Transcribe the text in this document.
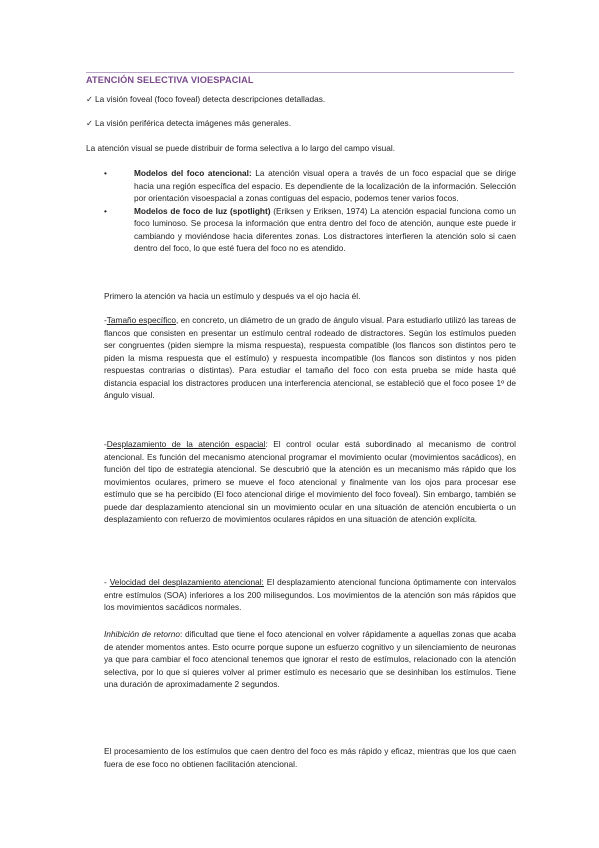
ATENCIÓN SELECTIVA VIOESPACIAL
✓ La visión foveal (foco foveal) detecta descripciones detalladas.
✓ La visión periférica detecta imágenes más generales.
La atención visual se puede distribuir de forma selectiva a lo largo del campo visual.
•	Modelos del foco atencional: La atención visual opera a través de un foco espacial que se dirige hacia una región específica del espacio. Es dependiente de la localización de la información. Selección por orientación visoespacial a zonas contiguas del espacio, podemos tener varios focos.
•	Modelos de foco de luz (spotlight) (Eriksen y Eriksen, 1974) La atención espacial funciona como un foco luminoso. Se procesa la información que entra dentro del foco de atención, aunque este puede ir cambiando y moviéndose hacia diferentes zonas. Los distractores interfieren la atención solo si caen dentro del foco, lo que esté fuera del foco no es atendido.
Primero la atención va hacia un estímulo y después va el ojo hacia él.
-Tamaño específico, en concreto, un diámetro de un grado de ángulo visual. Para estudiarlo utilizó las tareas de flancos que consisten en presentar un estímulo central rodeado de distractores. Según los estímulos pueden ser congruentes (piden siempre la misma respuesta), respuesta compatible (los flancos son distintos pero te piden la misma respuesta que el estímulo) y respuesta incompatible (los flancos son distintos y nos piden respuestas contrarias o distintas). Para estudiar el tamaño del foco con esta prueba se mide hasta qué distancia espacial los distractores producen una interferencia atencional, se estableció que el foco posee 1º de ángulo visual.
-Desplazamiento de la atención espacial: El control ocular está subordinado al mecanismo de control atencional. Es función del mecanismo atencional programar el movimiento ocular (movimientos sacádicos), en función del tipo de estrategia atencional. Se descubrió que la atención es un mecanismo más rápido que los movimientos oculares, primero se mueve el foco atencional y finalmente van los ojos para procesar ese estímulo que se ha percibido (El foco atencional dirige el movimiento del foco foveal). Sin embargo, también se puede dar desplazamiento atencional sin un movimiento ocular en una situación de atención encubierta o un desplazamiento con refuerzo de movimientos oculares rápidos en una situación de atención explícita.
- Velocidad del desplazamiento atencional: El desplazamiento atencional funciona óptimamente con intervalos entre estímulos (SOA) inferiores a los 200 milisegundos. Los movimientos de la atención son más rápidos que los movimientos sacádicos normales.
Inhibición de retorno: dificultad que tiene el foco atencional en volver rápidamente a aquellas zonas que acaba de atender momentos antes. Esto ocurre porque supone un esfuerzo cognitivo y un silenciamiento de neuronas ya que para cambiar el foco atencional tenemos que ignorar el resto de estímulos, relacionado con la atención selectiva, por lo que si quieres volver al primer estímulo es necesario que se desinhiban los estímulos. Tiene una duración de aproximadamente 2 segundos.
El procesamiento de los estímulos que caen dentro del foco es más rápido y eficaz, mientras que los que caen fuera de ese foco no obtienen facilitación atencional.
